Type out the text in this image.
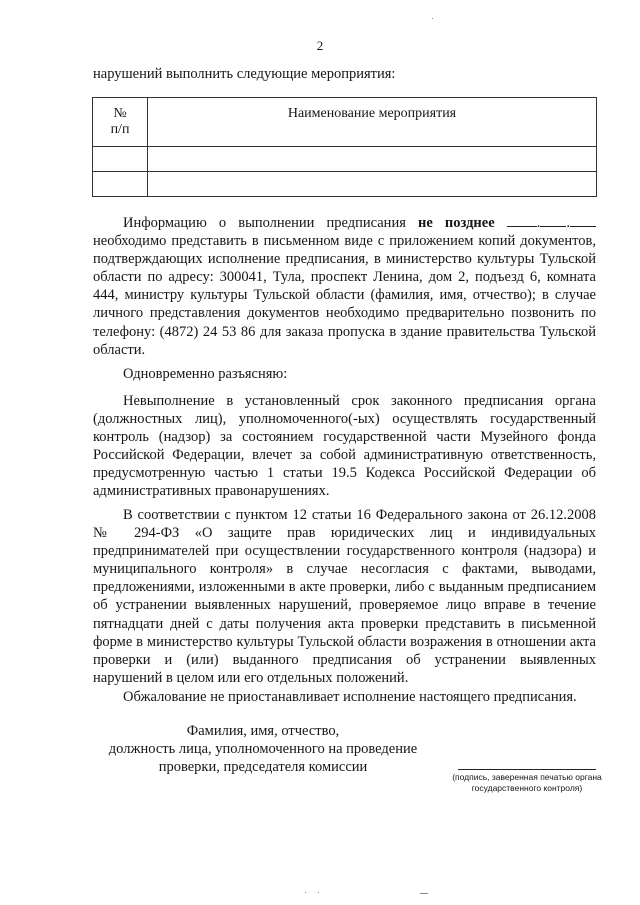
2
нарушений выполнить следующие мероприятия:
№
п/п	Наименование мероприятия

Информацию о выполнении предписания не позднее	. . необходимо представить в письменном виде с приложением копий документов, подтверждающих исполнение предписания, в министерство культуры Тульской области по адресу: 300041, Тула, проспект Ленина, дом 2, подъезд 6, комната 444, министру культуры Тульской области (фамилия, имя, отчество); в случае личного представления документов необходимо предварительно позвонить по телефону: (4872) 24 53 86 для заказа пропуска в здание правительства Тульской области.

Одновременно разъясняю:

Невыполнение в установленный срок законного предписания органа (должностных лиц), уполномоченного(-ых) осуществлять государственный контроль (надзор) за состоянием государственной части Музейного фонда Российской Федерации, влечет за собой административную ответственность, предусмотренную частью 1 статьи 19.5 Кодекса Российской Федерации об административных правонарушениях.

В соответствии с пунктом 12 статьи 16 Федерального закона от 26.12.2008 № 294-ФЗ «О защите прав юридических лиц и индивидуальных предпринимателей при осуществлении государственного контроля (надзора) и муниципального контроля» в случае несогласия с фактами, выводами, предложениями, изложенными в акте проверки, либо с выданным предписанием об устранении выявленных нарушений, проверяемое лицо вправе в течение пятнадцати дней с даты получения акта проверки представить в письменной форме в министерство культуры Тульской области возражения в отношении акта проверки и (или) выданного предписания об устранении выявленных нарушений в целом или его отдельных положений.

Обжалование не приостанавливает исполнение настоящего предписания.

Фамилия, имя, отчество,
должность лица, уполномоченного на проведение
проверки, председателя комиссии
(подпись, заверенная печатью органа государственного контроля)
